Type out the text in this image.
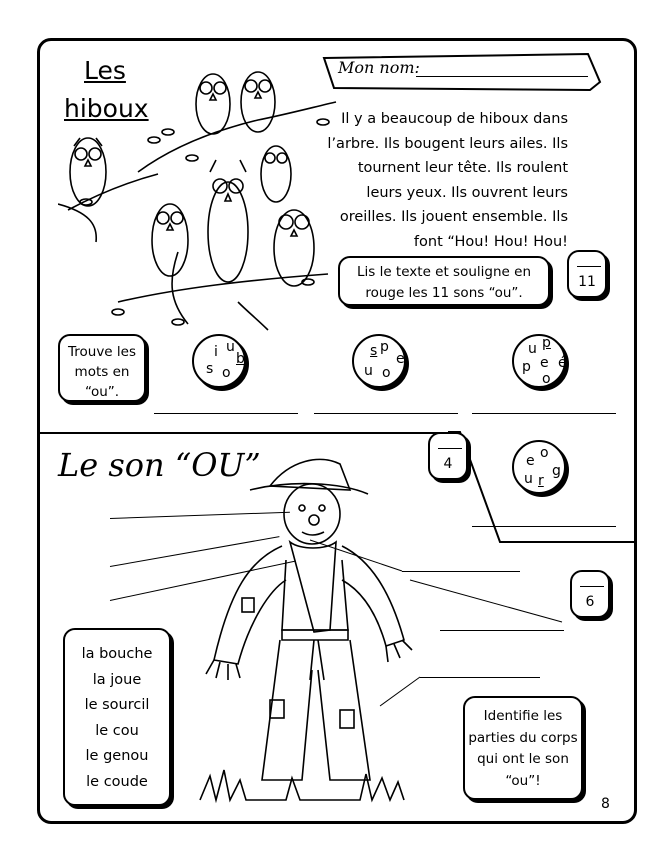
Les
hiboux
Mon nom:
Il y a beaucoup de hiboux dans
l’arbre. Ils bougent leurs ailes. Ils
tournent leur tête. Ils roulent
leurs yeux. Ils ouvrent leurs
oreilles. Ils jouent ensemble. Ils
font “Hou! Hou! Hou!
Lis le texte et souligne en rouge les 11 sons “ou”.
11
Trouve les mots en “ou”.
i u
b
s o
s p
e
u o
u p
p é
e
o
4	e o
u r
g
Le son “OU”
6
la bouche
la joue
le sourcil
le cou
le genou
le coude
Identifie les parties du corps qui ont le son “ou”!
8
